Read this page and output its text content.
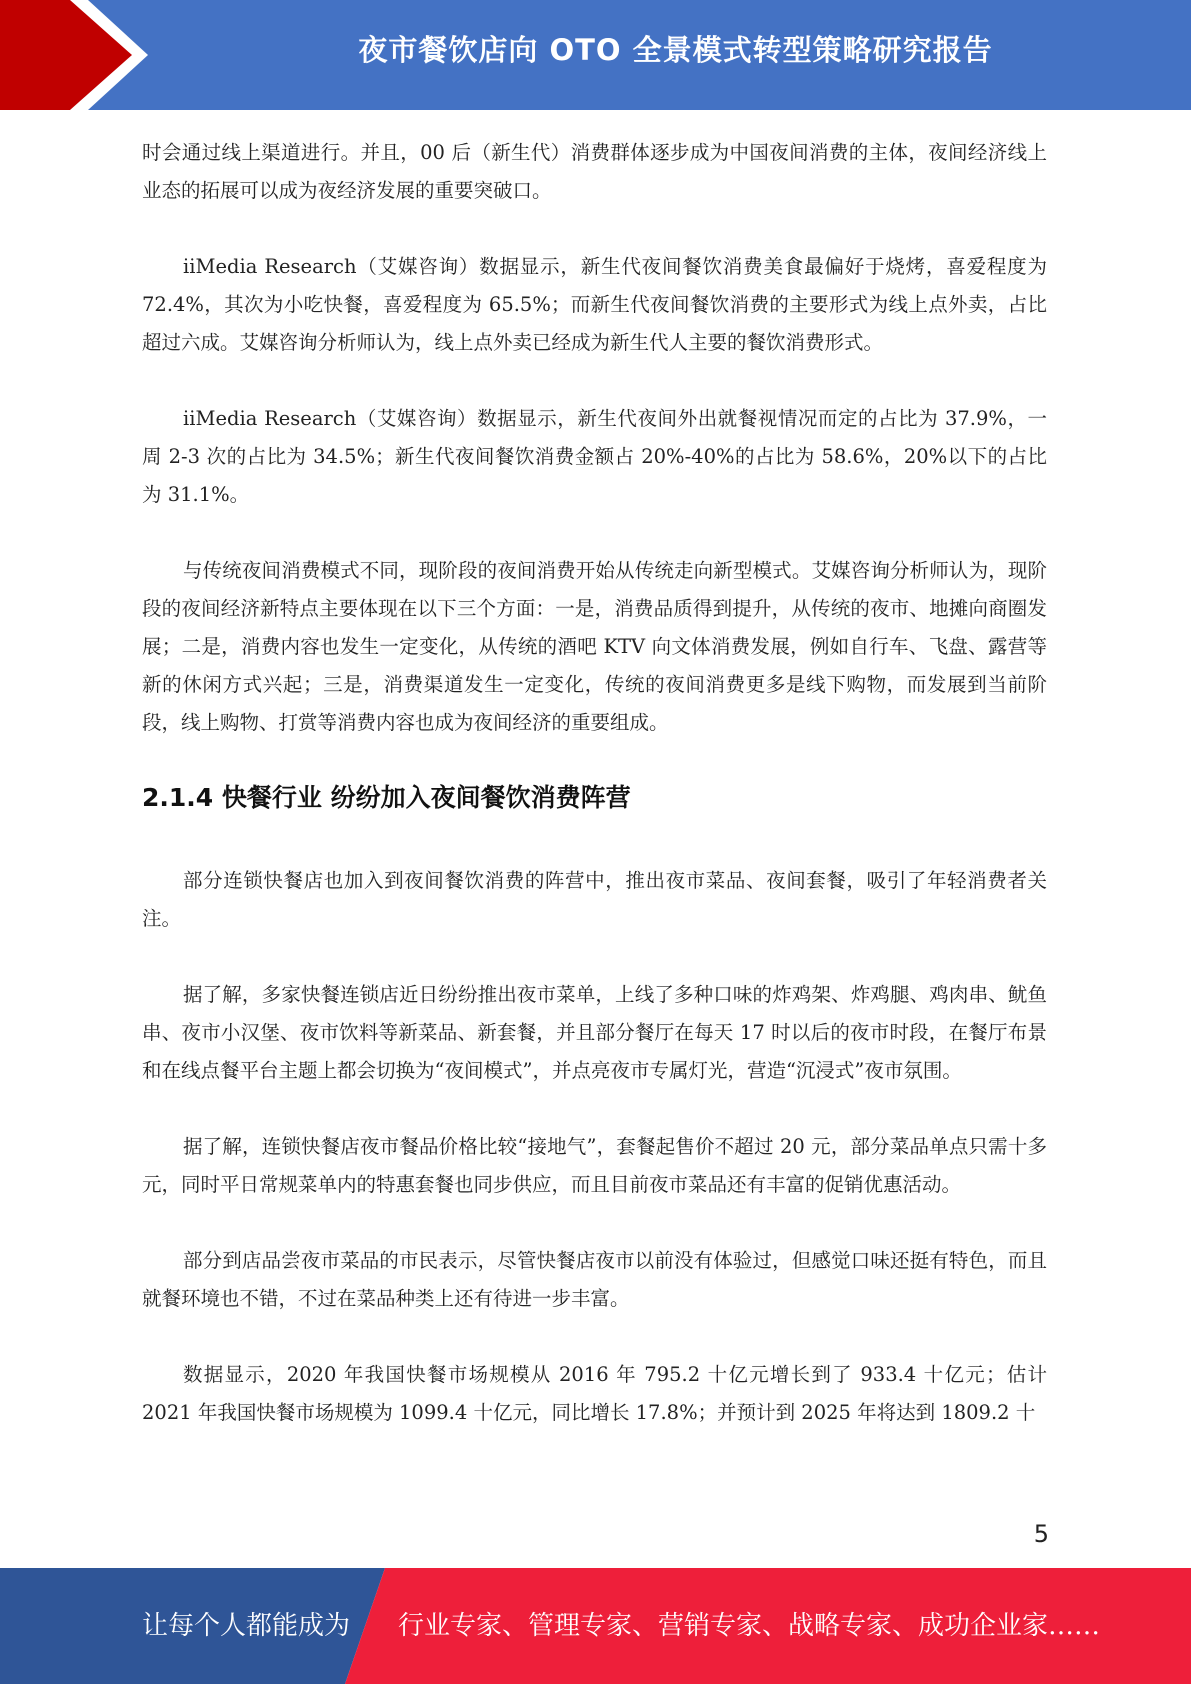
夜市餐饮店向 OTO 全景模式转型策略研究报告

时会通过线上渠道进行。并且，00 后（新生代）消费群体逐步成为中国夜间消费的主体，夜间经济线上业态的拓展可以成为夜经济发展的重要突破口。

iiMedia Research（艾媒咨询）数据显示，新生代夜间餐饮消费美食最偏好于烧烤，喜爱程度为 72.4%，其次为小吃快餐，喜爱程度为 65.5%；而新生代夜间餐饮消费的主要形式为线上点外卖，占比超过六成。艾媒咨询分析师认为，线上点外卖已经成为新生代人主要的餐饮消费形式。

iiMedia Research（艾媒咨询）数据显示，新生代夜间外出就餐视情况而定的占比为 37.9%，一周 2-3 次的占比为 34.5%；新生代夜间餐饮消费金额占 20%-40%的占比为 58.6%，20%以下的占比为 31.1%。

与传统夜间消费模式不同，现阶段的夜间消费开始从传统走向新型模式。艾媒咨询分析师认为，现阶段的夜间经济新特点主要体现在以下三个方面：一是，消费品质得到提升，从传统的夜市、地摊向商圈发展；二是，消费内容也发生一定变化，从传统的酒吧 KTV 向文体消费发展，例如自行车、飞盘、露营等新的休闲方式兴起；三是，消费渠道发生一定变化，传统的夜间消费更多是线下购物，而发展到当前阶段，线上购物、打赏等消费内容也成为夜间经济的重要组成。

2.1.4 快餐行业 纷纷加入夜间餐饮消费阵营

部分连锁快餐店也加入到夜间餐饮消费的阵营中，推出夜市菜品、夜间套餐，吸引了年轻消费者关注。

据了解，多家快餐连锁店近日纷纷推出夜市菜单，上线了多种口味的炸鸡架、炸鸡腿、鸡肉串、鱿鱼串、夜市小汉堡、夜市饮料等新菜品、新套餐，并且部分餐厅在每天 17 时以后的夜市时段，在餐厅布景和在线点餐平台主题上都会切换为“夜间模式”，并点亮夜市专属灯光，营造“沉浸式”夜市氛围。

据了解，连锁快餐店夜市餐品价格比较“接地气”，套餐起售价不超过 20 元，部分菜品单点只需十多元，同时平日常规菜单内的特惠套餐也同步供应，而且目前夜市菜品还有丰富的促销优惠活动。

部分到店品尝夜市菜品的市民表示，尽管快餐店夜市以前没有体验过，但感觉口味还挺有特色，而且就餐环境也不错，不过在菜品种类上还有待进一步丰富。

数据显示，2020 年我国快餐市场规模从 2016 年 795.2 十亿元增长到了 933.4 十亿元；估计 2021 年我国快餐市场规模为 1099.4 十亿元，同比增长 17.8%；并预计到 2025 年将达到 1809.2 十

5
让每个人都能成为 行业专家、管理专家、营销专家、战略专家、成功企业家……
